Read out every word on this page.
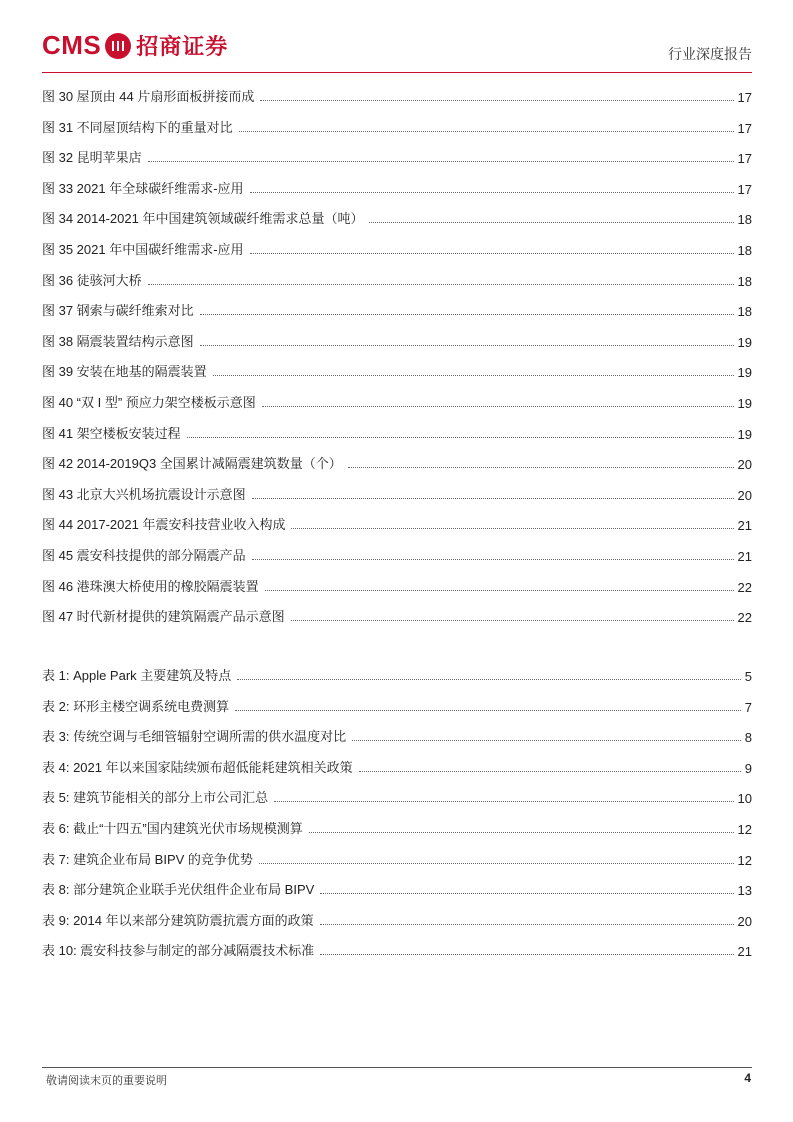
CMS 招商证券	行业深度报告
图 30 屋顶由 44 片扇形面板拼接而成	17
图 31 不同屋顶结构下的重量对比	17
图 32 昆明苹果店	17
图 33 2021 年全球碳纤维需求-应用	17
图 34 2014-2021 年中国建筑领域碳纤维需求总量（吨）	18
图 35 2021 年中国碳纤维需求-应用	18
图 36 徒骇河大桥	18
图 37 钢索与碳纤维索对比	18
图 38 隔震装置结构示意图	19
图 39 安装在地基的隔震装置	19
图 40 “双 I 型” 预应力架空楼板示意图	19
图 41 架空楼板安装过程	19
图 42 2014-2019Q3 全国累计减隔震建筑数量（个）	20
图 43 北京大兴机场抗震设计示意图	20
图 44 2017-2021 年震安科技营业收入构成	21
图 45 震安科技提供的部分隔震产品	21
图 46 港珠澳大桥使用的橡胶隔震装置	22
图 47 时代新材提供的建筑隔震产品示意图	22
表 1: Apple Park 主要建筑及特点	5
表 2: 环形主楼空调系统电费测算	7
表 3: 传统空调与毛细管辐射空调所需的供水温度对比	8
表 4: 2021 年以来国家陆续颁布超低能耗建筑相关政策	9
表 5: 建筑节能相关的部分上市公司汇总	10
表 6: 截止“十四五”国内建筑光伏市场规模测算	12
表 7: 建筑企业布局 BIPV 的竞争优势	12
表 8: 部分建筑企业联手光伏组件企业布局 BIPV	13
表 9: 2014 年以来部分建筑防震抗震方面的政策	20
表 10: 震安科技参与制定的部分减隔震技术标准	21
敬请阅读末页的重要说明	4
